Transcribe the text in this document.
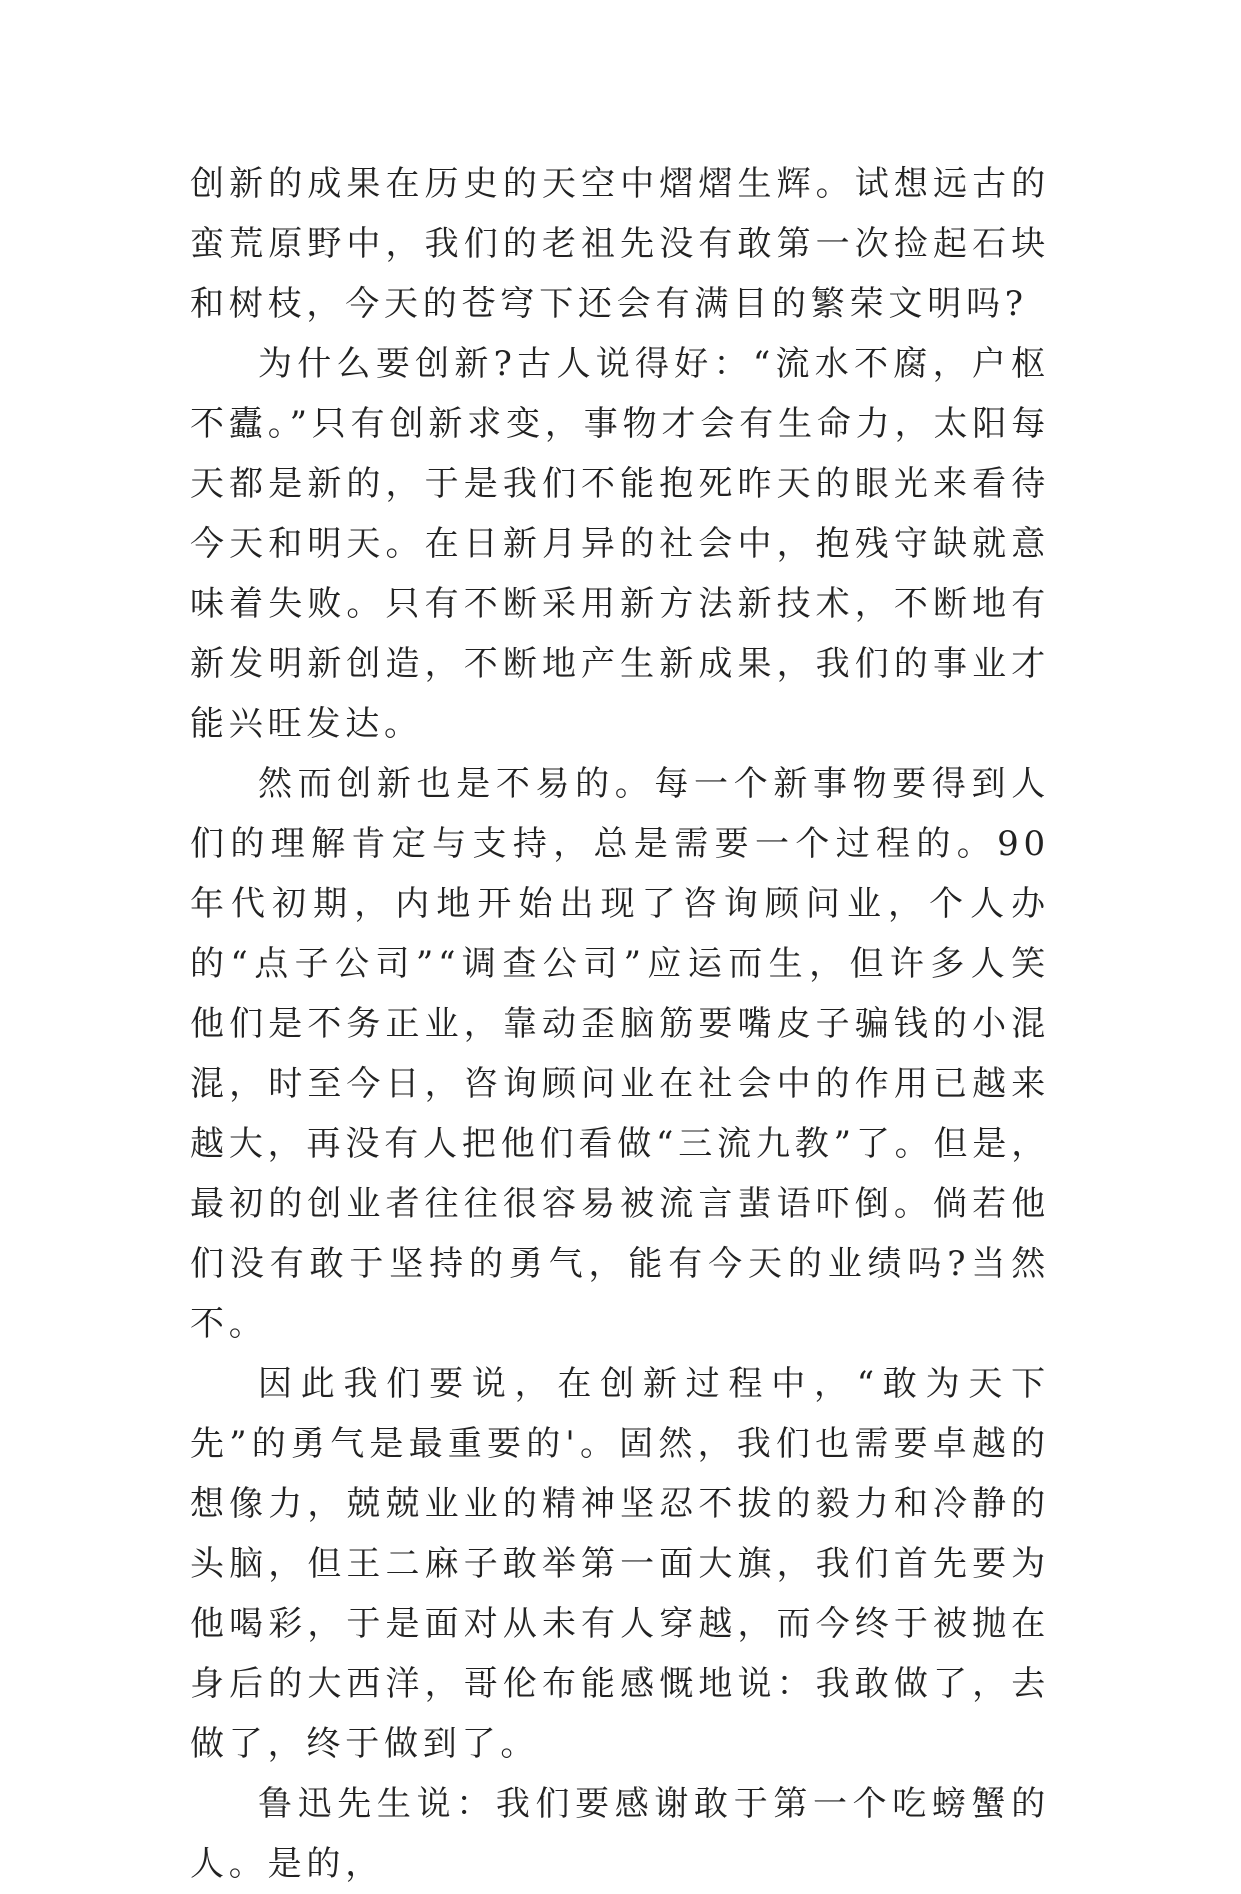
创新的成果在历史的天空中熠熠生辉。试想远古的蛮荒原野中，我们的老祖先没有敢第一次捡起石块和树枝，今天的苍穹下还会有满目的繁荣文明吗?

为什么要创新?古人说得好：“流水不腐，户枢不蠹。”只有创新求变，事物才会有生命力，太阳每天都是新的，于是我们不能抱死昨天的眼光来看待今天和明天。在日新月异的社会中，抱残守缺就意味着失败。只有不断采用新方法新技术，不断地有新发明新创造，不断地产生新成果，我们的事业才能兴旺发达。

然而创新也是不易的。每一个新事物要得到人们的理解肯定与支持，总是需要一个过程的。90 年代初期，内地开始出现了咨询顾问业，个人办的“点子公司”“调查公司”应运而生，但许多人笑他们是不务正业，靠动歪脑筋要嘴皮子骗钱的小混混，时至今日，咨询顾问业在社会中的作用已越来越大，再没有人把他们看做“三流九教”了。但是，最初的创业者往往很容易被流言蜚语吓倒。倘若他们没有敢于坚持的勇气，能有今天的业绩吗?当然不。

因此我们要说，在创新过程中，“敢为天下先”的勇气是最重要的'。固然，我们也需要卓越的想像力，兢兢业业的精神坚忍不拔的毅力和冷静的头脑，但王二麻子敢举第一面大旗，我们首先要为他喝彩，于是面对从未有人穿越，而今终于被抛在身后的大西洋，哥伦布能感慨地说：我敢做了，去做了，终于做到了。

鲁迅先生说：我们要感谢敢于第一个吃螃蟹的人。是的，
